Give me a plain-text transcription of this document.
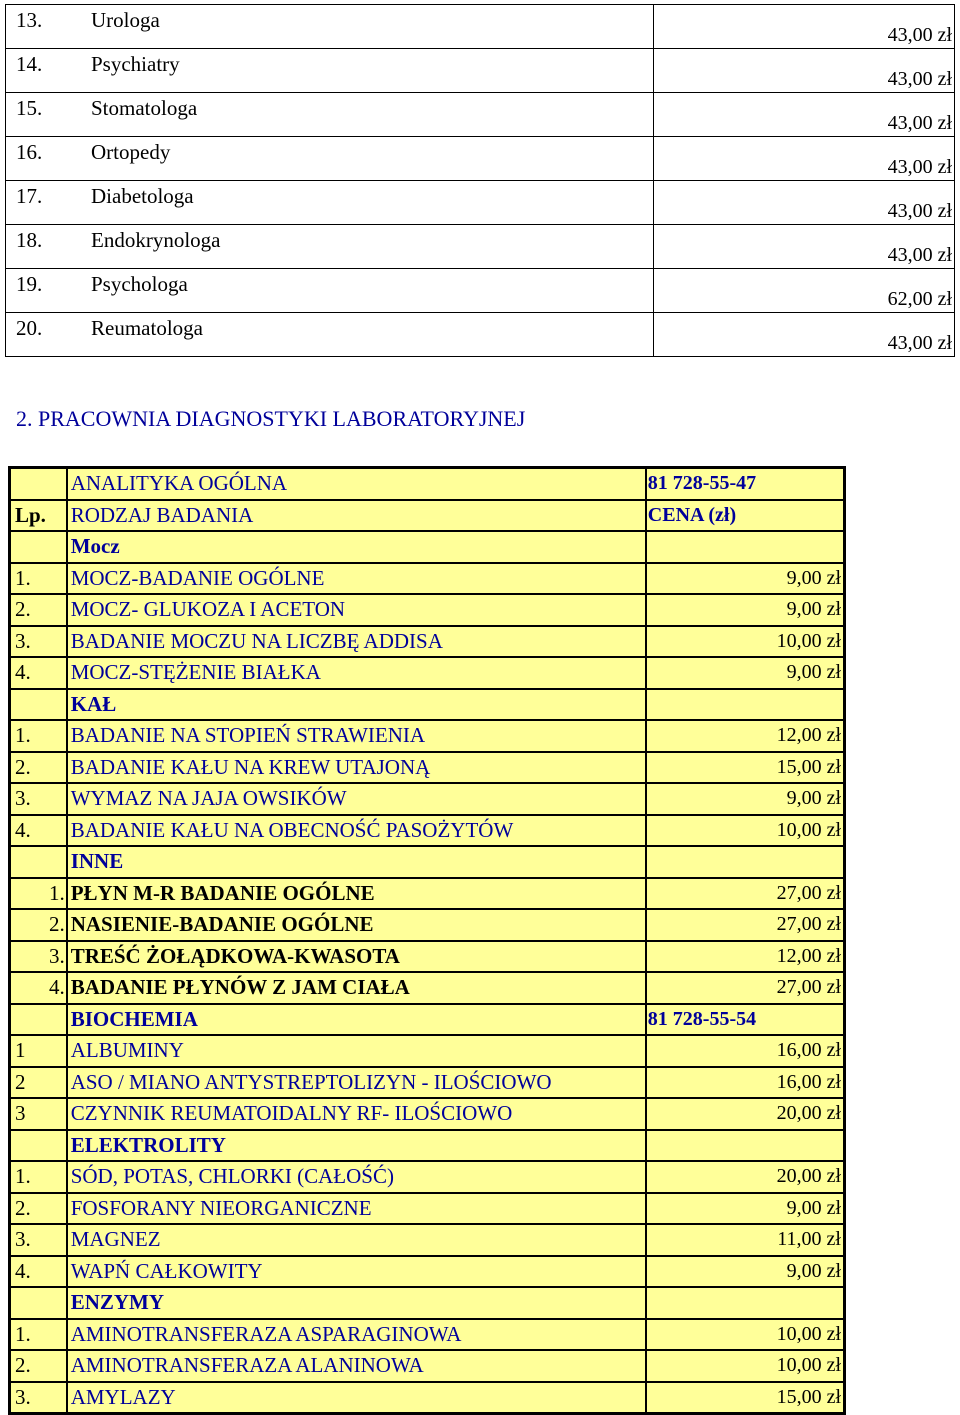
13.	Urologa	43,00 zł
14.	Psychiatry	43,00 zł
15.	Stomatologa	43,00 zł
16.	Ortopedy	43,00 zł
17.	Diabetologa	43,00 zł
18.	Endokrynologa	43,00 zł
19.	Psychologa	62,00 zł
20.	Reumatologa	43,00 zł
2. PRACOWNIA DIAGNOSTYKI LABORATORYJNEJ
	ANALITYKA OGÓLNA	81 728-55-47
Lp.	RODZAJ BADANIA	CENA (zł)
	Mocz	
1.	MOCZ-BADANIE OGÓLNE	9,00 zł
2.	MOCZ- GLUKOZA I ACETON	9,00 zł
3.	BADANIE MOCZU NA LICZBĘ ADDISA	10,00 zł
4.	MOCZ-STĘŻENIE BIAŁKA	9,00 zł
	KAŁ	
1.	BADANIE NA STOPIEŃ STRAWIENIA	12,00 zł
2.	BADANIE KAŁU NA KREW UTAJONĄ	15,00 zł
3.	WYMAZ NA JAJA OWSIKÓW	9,00 zł
4.	BADANIE KAŁU NA OBECNOŚĆ PASOŻYTÓW	10,00 zł
	INNE	
1.	PŁYN M-R BADANIE OGÓLNE	27,00 zł
2.	NASIENIE-BADANIE OGÓLNE	27,00 zł
3.	TREŚĆ ŻOŁĄDKOWA-KWASOTA	12,00 zł
4.	BADANIE PŁYNÓW Z JAM CIAŁA	27,00 zł
	BIOCHEMIA	81 728-55-54
1	ALBUMINY	16,00 zł
2	ASO / MIANO ANTYSTREPTOLIZYN - ILOŚCIOWO	16,00 zł
3	CZYNNIK REUMATOIDALNY RF- ILOŚCIOWO	20,00 zł
	ELEKTROLITY	
1.	SÓD, POTAS, CHLORKI (CAŁOŚĆ)	20,00 zł
2.	FOSFORANY NIEORGANICZNE	9,00 zł
3.	MAGNEZ	11,00 zł
4.	WAPŃ CAŁKOWITY	9,00 zł
	ENZYMY	
1.	AMINOTRANSFERAZA ASPARAGINOWA	10,00 zł
2.	AMINOTRANSFERAZA ALANINOWA	10,00 zł
3.	AMYLAZY	15,00 zł
